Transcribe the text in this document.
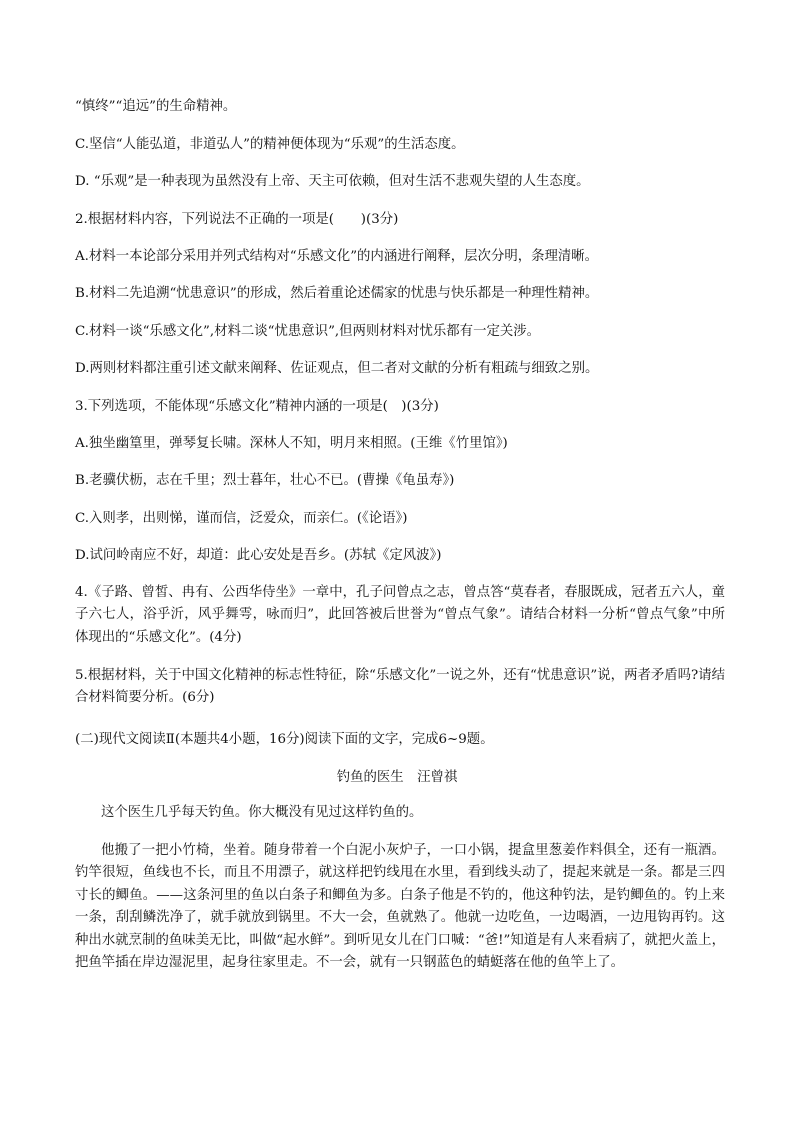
“慎终”“追远”的生命精神。
C.坚信“人能弘道，非道弘人”的精神便体现为“乐观”的生活态度。
D. “乐观”是一种表现为虽然没有上帝、天主可依赖，但对生活不悲观失望的人生态度。
2.根据材料内容，下列说法不正确的一项是(　　)(3分)
A.材料一本论部分采用并列式结构对“乐感文化”的内涵进行阐释，层次分明，条理清晰。
B.材料二先追溯“忧患意识”的形成，然后着重论述儒家的忧患与快乐都是一种理性精神。
C.材料一谈“乐感文化”,材料二谈“忧患意识”,但两则材料对忧乐都有一定关涉。
D.两则材料都注重引述文献来阐释、佐证观点，但二者对文献的分析有粗疏与细致之别。
3.下列选项，不能体现“乐感文化”精神内涵的一项是(　)(3分)
A.独坐幽篁里，弹琴复长啸。深林人不知，明月来相照。(王维《竹里馆》)
B.老骥伏枥，志在千里；烈士暮年，壮心不已。(曹操《龟虽寿》)
C.入则孝，出则悌，谨而信，泛爱众，而亲仁。(《论语》)
D.试问岭南应不好，却道：此心安处是吾乡。(苏轼《定风波》)
4.《子路、曾皙、冉有、公西华侍坐》一章中，孔子问曾点之志，曾点答“莫春者，春服既成，冠者五六人，童子六七人，浴乎沂，风乎舞雩，咏而归”，此回答被后世誉为“曾点气象”。请结合材料一分析“曾点气象”中所体现出的“乐感文化”。(4分)
5.根据材料，关于中国文化精神的标志性特征，除“乐感文化”一说之外，还有“忧患意识”说，两者矛盾吗?请结合材料简要分析。(6分)
(二)现代文阅读Ⅱ(本题共4小题，16分)阅读下面的文字，完成6~9题。
钓鱼的医生　汪曾祺
这个医生几乎每天钓鱼。你大概没有见过这样钓鱼的。
他搬了一把小竹椅，坐着。随身带着一个白泥小灰炉子，一口小锅，提盒里葱姜作料俱全，还有一瓶酒。钓竿很短，鱼线也不长，而且不用漂子，就这样把钓线甩在水里，看到线头动了，提起来就是一条。都是三四寸长的鲫鱼。——这条河里的鱼以白条子和鲫鱼为多。白条子他是不钓的，他这种钓法，是钓鲫鱼的。钓上来一条，刮刮鳞洗净了，就手就放到锅里。不大一会，鱼就熟了。他就一边吃鱼，一边喝酒，一边甩钩再钓。这种出水就烹制的鱼味美无比，叫做“起水鲜”。到听见女儿在门口喊：“爸!”知道是有人来看病了，就把火盖上，把鱼竿插在岸边湿泥里，起身往家里走。不一会，就有一只钢蓝色的蜻蜓落在他的鱼竿上了。
